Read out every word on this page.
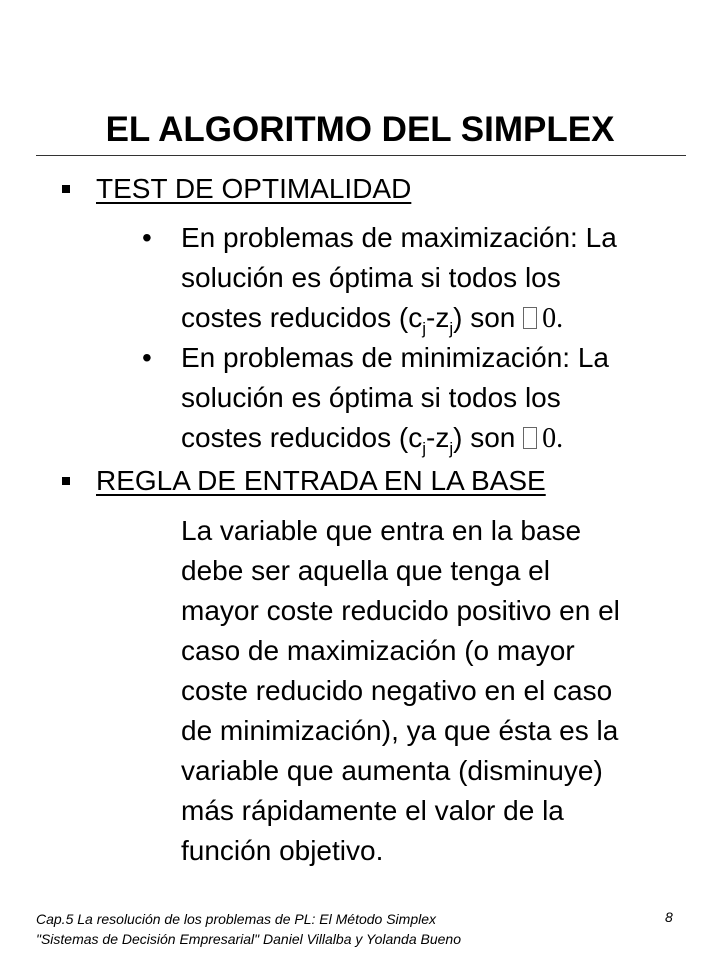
EL ALGORITMO DEL SIMPLEX
TEST DE OPTIMALIDAD
• En problemas de maximización: La
solución es óptima si todos los
costes reducidos $(c_j-z_j)$ son 0.
• En problemas de minimización: La
solución es óptima si todos los
costes reducidos $(c_j-z_j)$ son 0.
REGLA DE ENTRADA EN LA BASE
La variable que entra en la base
debe ser aquella que tenga el
mayor coste reducido positivo en el
caso de maximización (o mayor
coste reducido negativo en el caso
de minimización), ya que ésta es la
variable que aumenta (disminuye)
más rápidamente el valor de la
función objetivo.
Cap.5 La resolución de los problemas de PL: El Método Simplex
"Sistemas de Decisión Empresarial" Daniel Villalba y Yolanda Bueno
8
